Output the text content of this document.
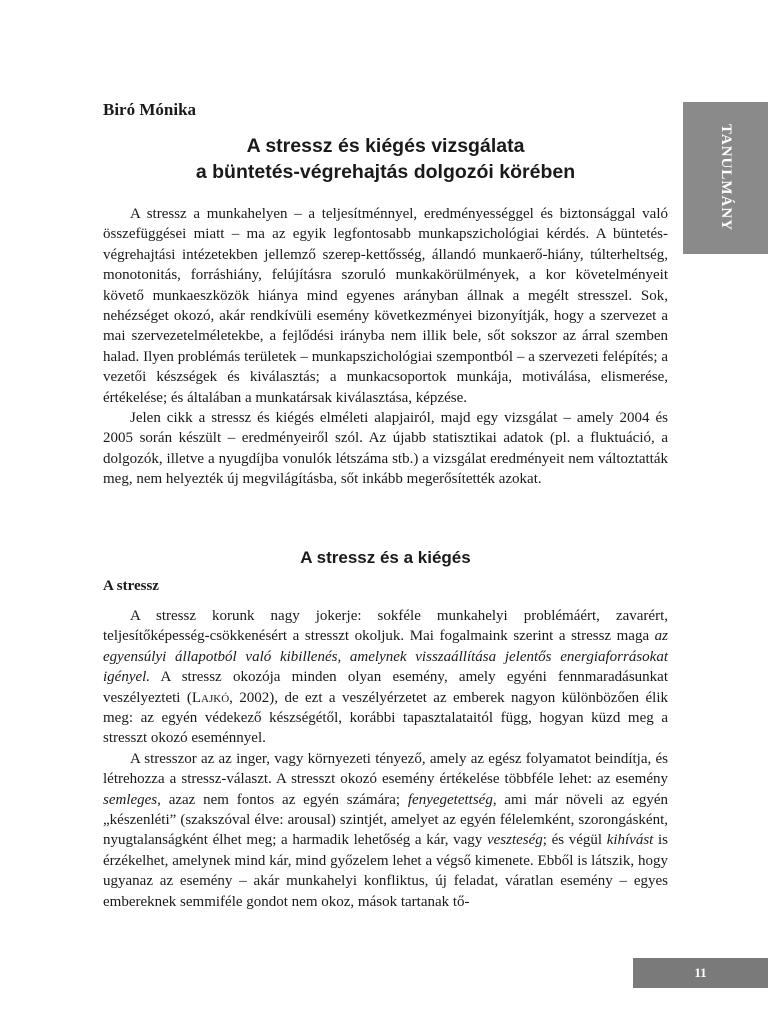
Biró Mónika
A stressz és kiégés vizsgálata
a büntetés-végrehajtás dolgozói körében	TANULMÁNY

A stressz a munkahelyen – a teljesítménnyel, eredményességgel és biztonsággal való összefüggései miatt – ma az egyik legfontosabb munkapszichológiai kérdés. A büntetés-végrehajtási intézetekben jellemző szerep-kettősség, állandó munkaerő-hiány, túlterheltség, monotonitás, forráshiány, felújításra szoruló munkakörülmények, a kor követelményeit követő munkaeszközök hiánya mind egyenes arányban állnak a megélt stresszel. Sok, nehézséget okozó, akár rendkívüli esemény következményei bizonyítják, hogy a szervezet a mai szervezetelméletekbe, a fejlődési irányba nem illik bele, sőt sokszor az árral szemben halad. Ilyen problémás területek – munkapszichológiai szempontból – a szervezeti felépítés; a vezetői készségek és kiválasztás; a munkacsoportok munkája, motiválása, elismerése, értékelése; és általában a munkatársak kiválasztása, képzése.

Jelen cikk a stressz és kiégés elméleti alapjairól, majd egy vizsgálat – amely 2004 és 2005 során készült – eredményeiről szól. Az újabb statisztikai adatok (pl. a fluktuáció, a dolgozók, illetve a nyugdíjba vonulók létszáma stb.) a vizsgálat eredményeit nem változtatták meg, nem helyezték új megvilágításba, sőt inkább megerősítették azokat.

A stressz és a kiégés
A stressz

A stressz korunk nagy jokerje: sokféle munkahelyi problémáért, zavarért, teljesítőképesség-csökkenésért a stresszt okoljuk. Mai fogalmaink szerint a stressz maga az egyensúlyi állapotból való kibillenés, amelynek visszaállítása jelentős energiaforrásokat igényel. A stressz okozója minden olyan esemény, amely egyéni fennmaradásunkat veszélyezteti (Lajkó, 2002), de ezt a veszélyérzetet az emberek nagyon különbözően élik meg: az egyén védekező készségétől, korábbi tapasztalataitól függ, hogyan küzd meg a stresszt okozó eseménnyel.

A stresszor az az inger, vagy környezeti tényező, amely az egész folyamatot beindítja, és létrehozza a stressz-választ. A stresszt okozó esemény értékelése többféle lehet: az esemény semleges, azaz nem fontos az egyén számára; fenyegetettség, ami már növeli az egyén „készenléti” (szakszóval élve: arousal) szintjét, amelyet az egyén félelemként, szorongásként, nyugtalanságként élhet meg; a harmadik lehetőség a kár, vagy veszteség; és végül kihívást is érzékelhet, amelynek mind kár, mind győzelem lehet a végső kimenete. Ebből is látszik, hogy ugyanaz az esemény – akár munkahelyi konfliktus, új feladat, váratlan esemény – egyes embereknek semmiféle gondot nem okoz, mások tartanak tő-

11
